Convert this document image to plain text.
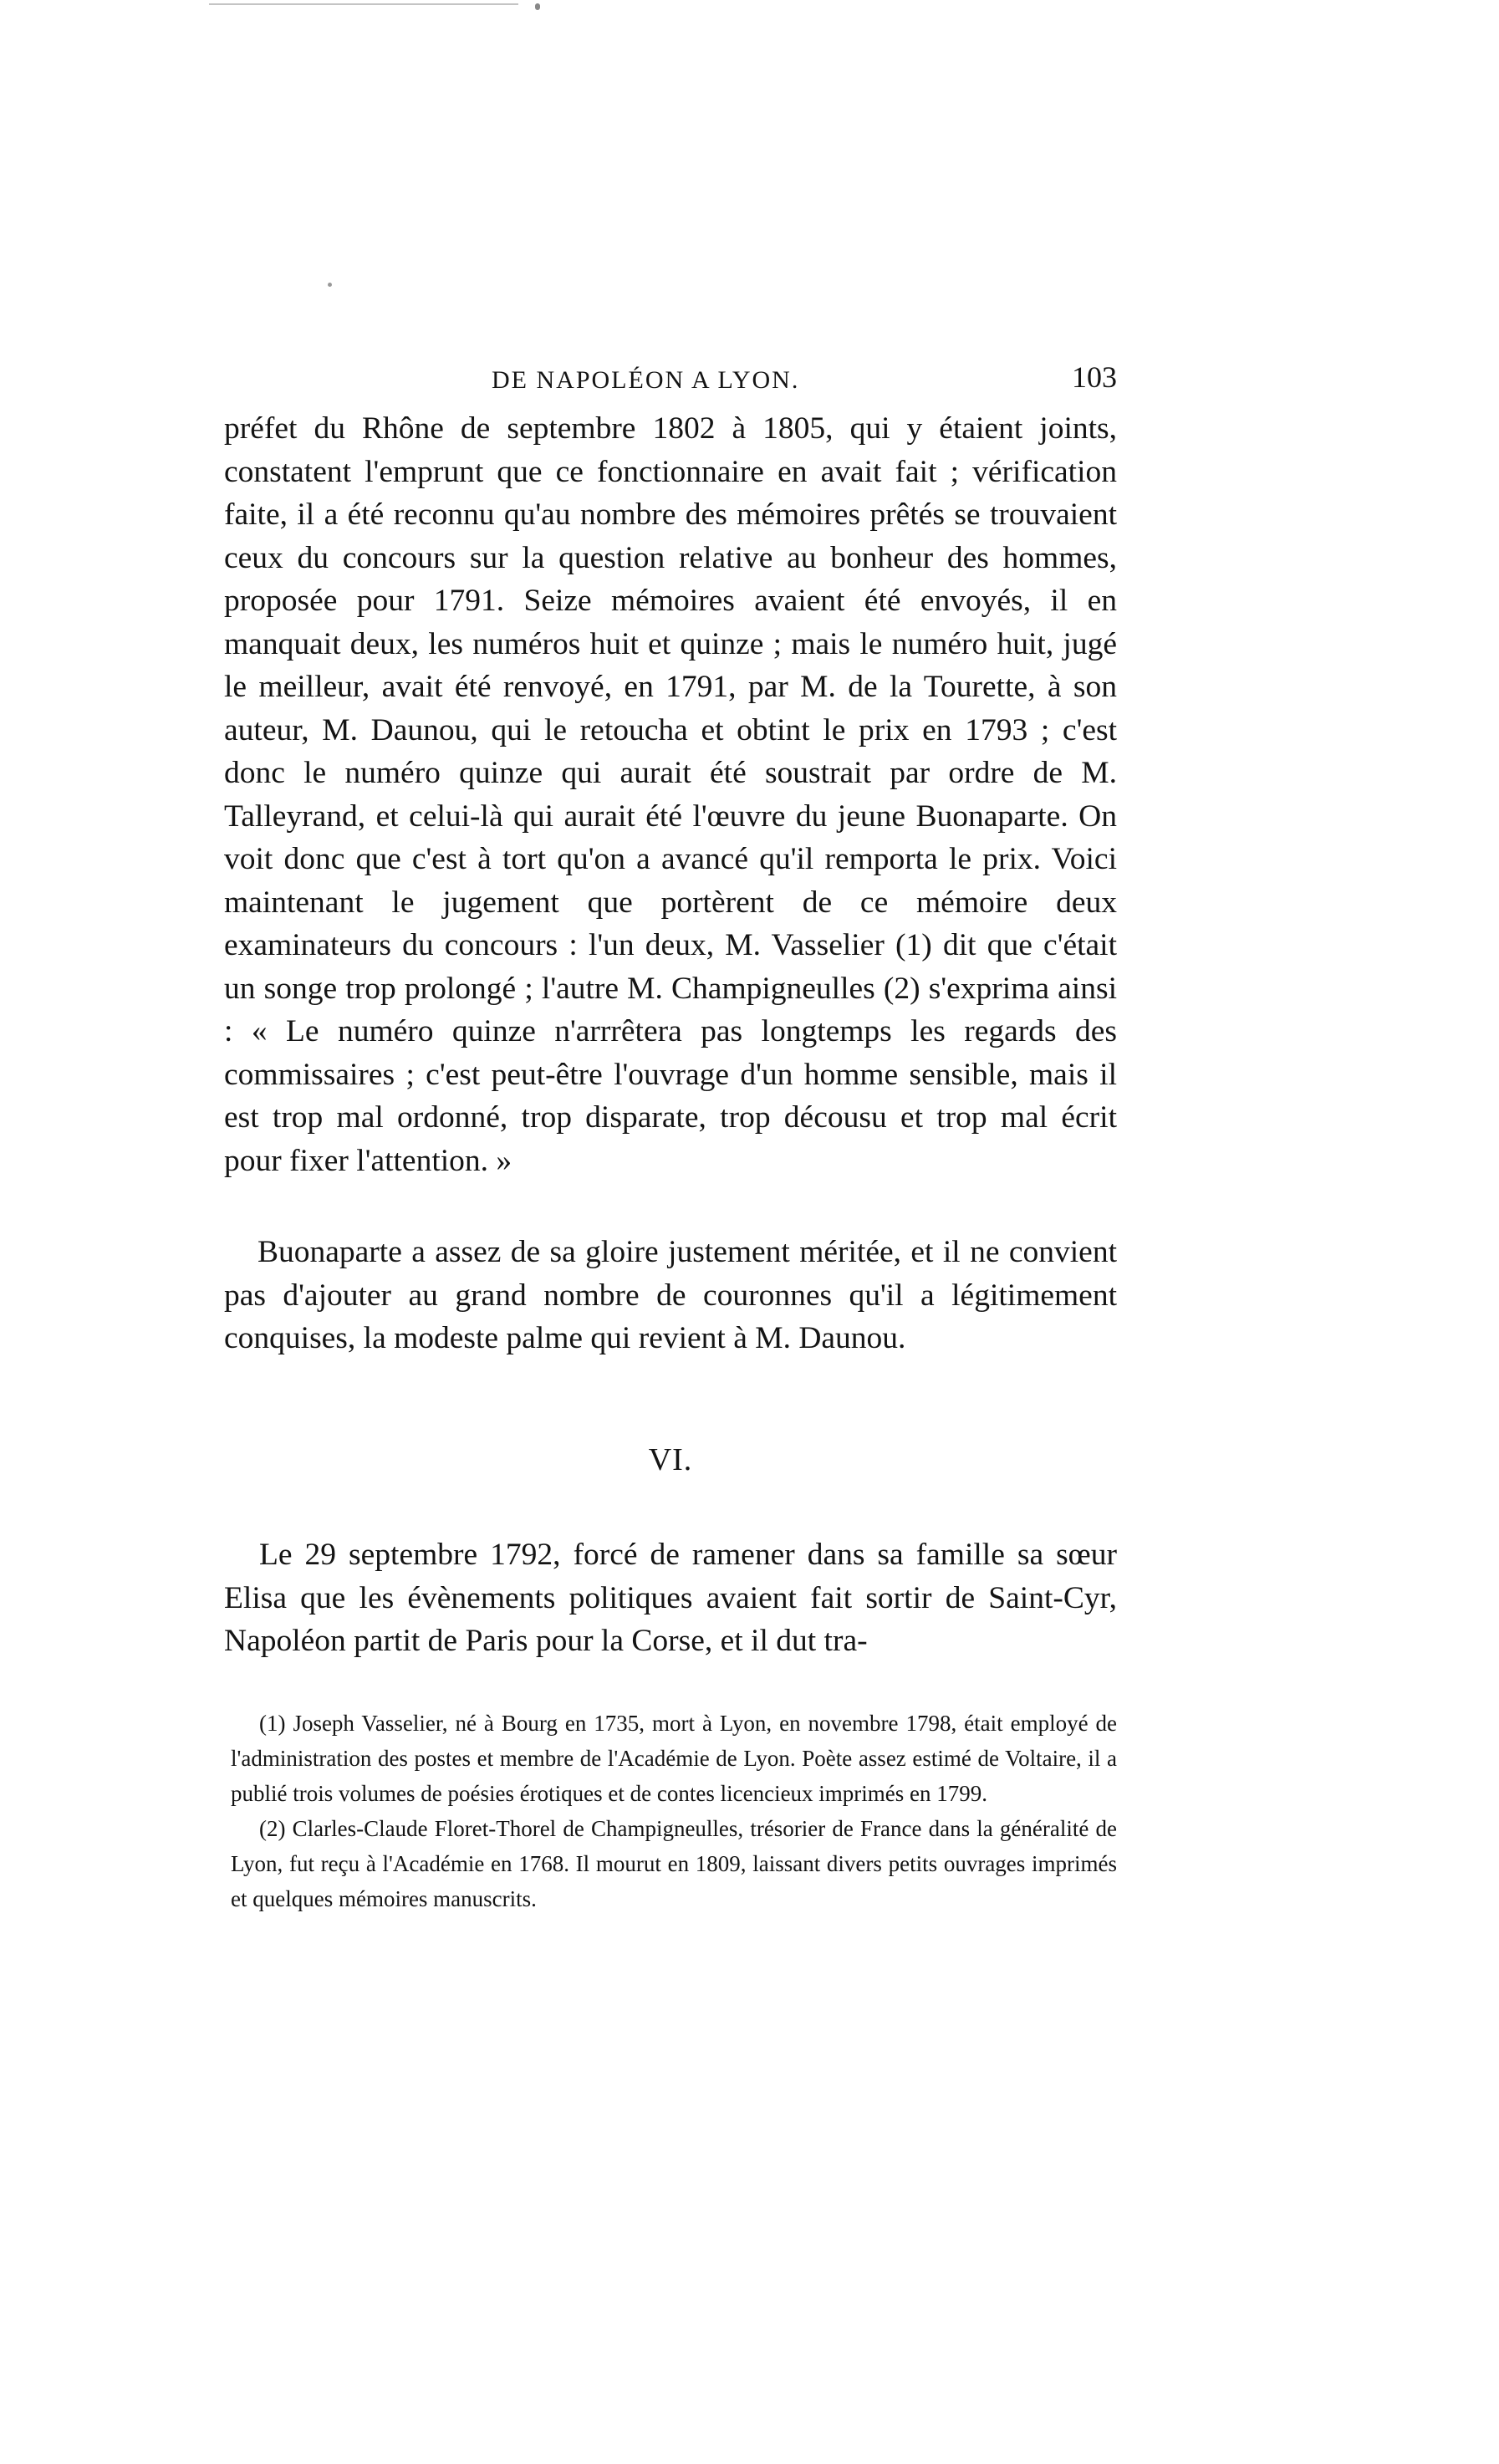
DE NAPOLÉON A LYON.	103

préfet du Rhône de septembre 1802 à 1805, qui y étaient joints, constatent l'emprunt que ce fonctionnaire en avait fait ; vérification faite, il a été reconnu qu'au nombre des mémoires prêtés se trouvaient ceux du concours sur la question relative au bonheur des hommes, proposée pour 1791. Seize mémoires avaient été envoyés, il en manquait deux, les numéros huit et quinze ; mais le numéro huit, jugé le meilleur, avait été renvoyé, en 1791, par M. de la Tourette, à son auteur, M. Daunou, qui le retoucha et obtint le prix en 1793 ; c'est donc le numéro quinze qui aurait été soustrait par ordre de M. Talleyrand, et celui-là qui aurait été l'œuvre du jeune Buonaparte. On voit donc que c'est à tort qu'on a avancé qu'il remporta le prix. Voici maintenant le jugement que portèrent de ce mémoire deux examinateurs du concours : l'un deux, M. Vasselier (1) dit que c'était un songe trop prolongé ; l'autre M. Champigneulles (2) s'exprima ainsi : « Le numéro quinze n'arrrêtera pas longtemps les regards des commissaires ; c'est peut-être l'ouvrage d'un homme sensible, mais il est trop mal ordonné, trop disparate, trop décousu et trop mal écrit pour fixer l'attention. »

Buonaparte a assez de sa gloire justement méritée, et il ne convient pas d'ajouter au grand nombre de couronnes qu'il a légitimement conquises, la modeste palme qui revient à M. Daunou.

VI.

Le 29 septembre 1792, forcé de ramener dans sa famille sa sœur Elisa que les évènements politiques avaient fait sortir de Saint-Cyr, Napoléon partit de Paris pour la Corse, et il dut tra-

(1) Joseph Vasselier, né à Bourg en 1735, mort à Lyon, en novembre 1798, était employé de l'administration des postes et membre de l'Académie de Lyon. Poète assez estimé de Voltaire, il a publié trois volumes de poésies érotiques et de contes licencieux imprimés en 1799.

(2) Clarles-Claude Floret-Thorel de Champigneulles, trésorier de France dans la généralité de Lyon, fut reçu à l'Académie en 1768. Il mourut en 1809, laissant divers petits ouvrages imprimés et quelques mémoires manuscrits.
